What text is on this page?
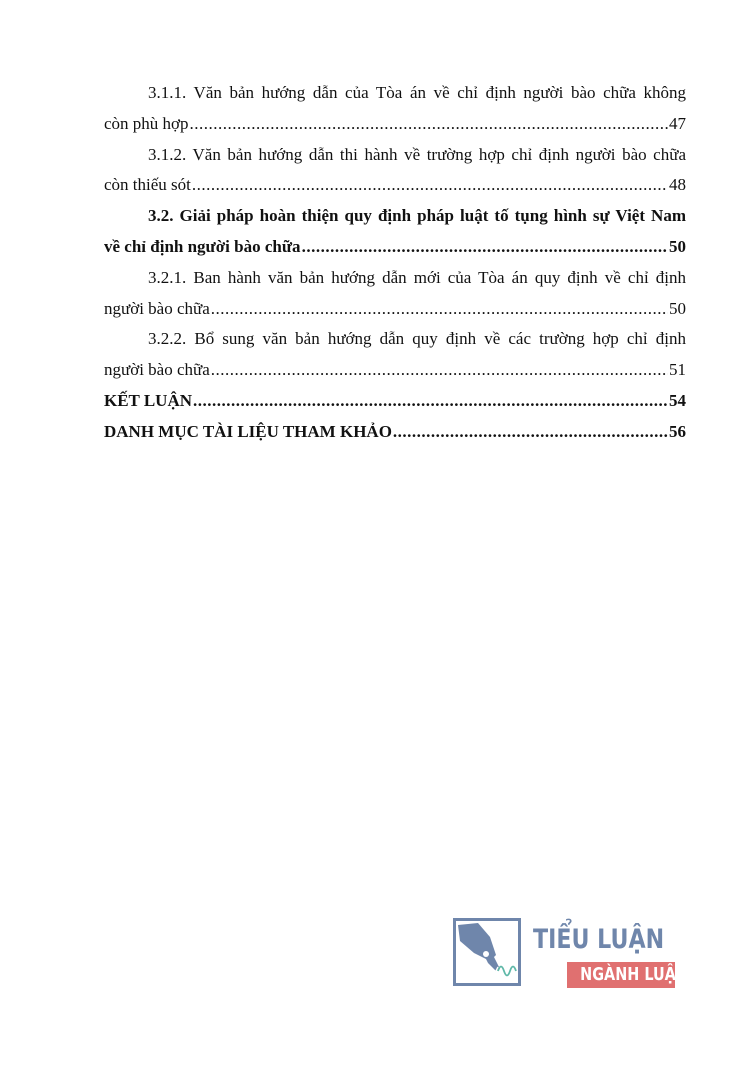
3.1.1. Văn bản hướng dẫn của Tòa án về chỉ định người bào chữa không
còn phù hợp .....	47
3.1.2. Văn bản hướng dẫn thi hành về trường hợp chỉ định người bào chữa
còn thiếu sót .....	48
3.2. Giải pháp hoàn thiện quy định pháp luật tố tụng hình sự Việt Nam
về chỉ định người bào chữa .....	50
3.2.1. Ban hành văn bản hướng dẫn mới của Tòa án quy định về chỉ định
người bào chữa .....	50
3.2.2. Bổ sung văn bản hướng dẫn quy định về các trường hợp chỉ định
người bào chữa .....	51
KẾT LUẬN .....	54
DANH MỤC TÀI LIỆU THAM KHẢO .....	56
TIỂU LUẬN
NGÀNH LUẬT
